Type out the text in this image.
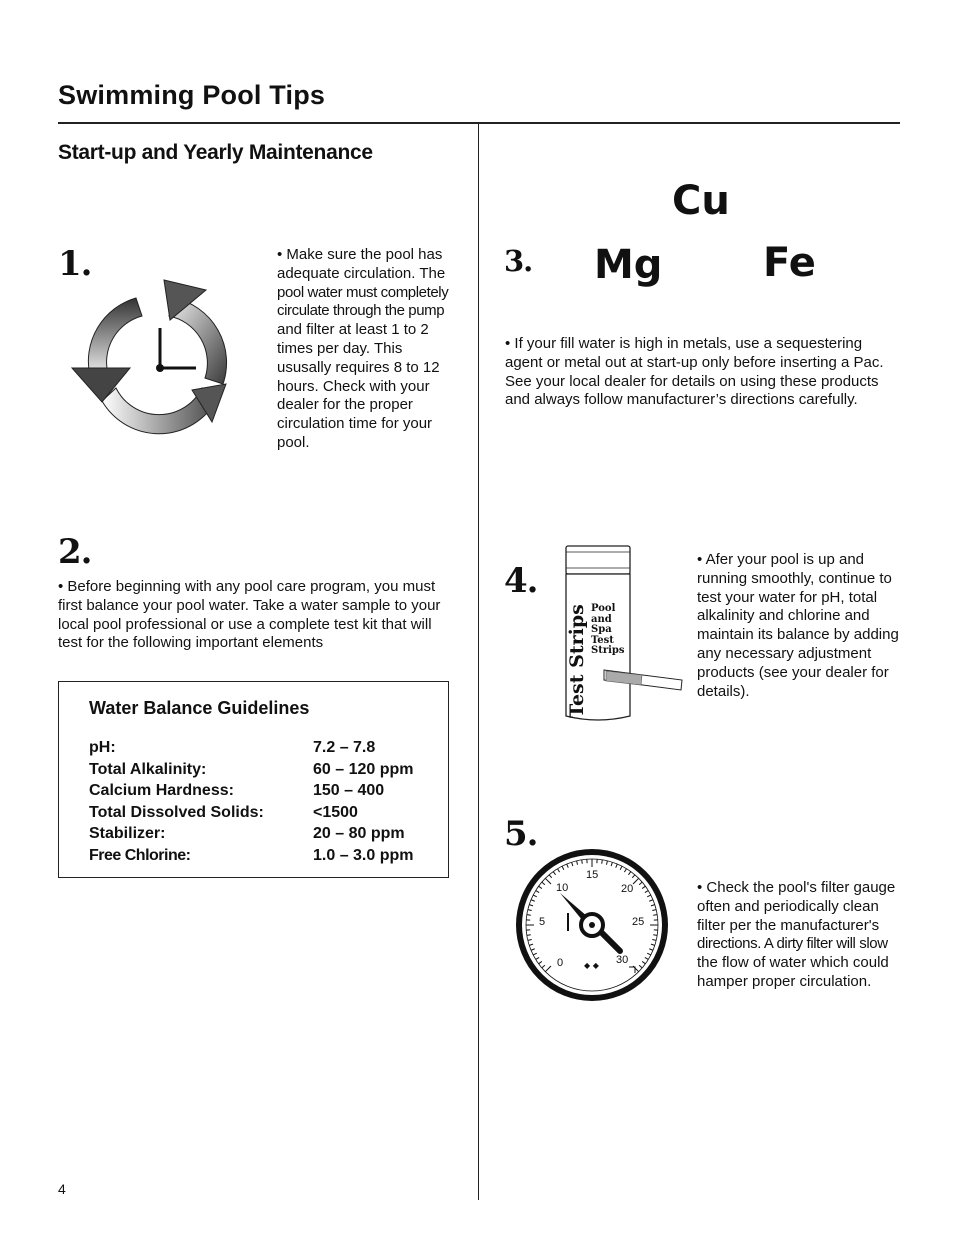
Swimming Pool Tips
Start-up and Yearly Maintenance
1.	• Make sure the pool has
adequate circulation. The
pool water must completely
circulate through the pump
and filter at least 1 to 2
times per day. This
ususally requires 8 to 12
hours. Check with your
dealer for the proper
circulation time for your
pool.
2.
• Before beginning with any pool care program, you must
first balance your pool water. Take a water sample to your
local pool professional or use a complete test kit that will
test for the following important elements
Water Balance Guidelines
pH:	7.2 – 7.8
Total Alkalinity:	60 – 120 ppm
Calcium Hardness:	150 – 400
Total Dissolved Solids:	<1500
Stabilizer:	20 – 80 ppm
Free Chlorine:	1.0 – 3.0 ppm
Cu
3. Mg	Fe
• If your fill water is high in metals, use a sequestering
agent or metal out at start-up only before inserting a Pac.
See your local dealer for details on using these products
and always follow manufacturer’s directions carefully.
4.
Test Strips Pool
and
Spa
Test
Strips
• Afer your pool is up and
running smoothly, continue to
test your water for pH, total
alkalinity and chlorine and
maintain its balance by adding
any necessary adjustment
products (see your dealer for
details).
5.
◆ ◆
0
5
10
15
20
25
30
• Check the pool's filter gauge
often and periodically clean
filter per the manufacturer's
directions. A dirty filter will slow
the flow of water which could
hamper proper circulation.
4
